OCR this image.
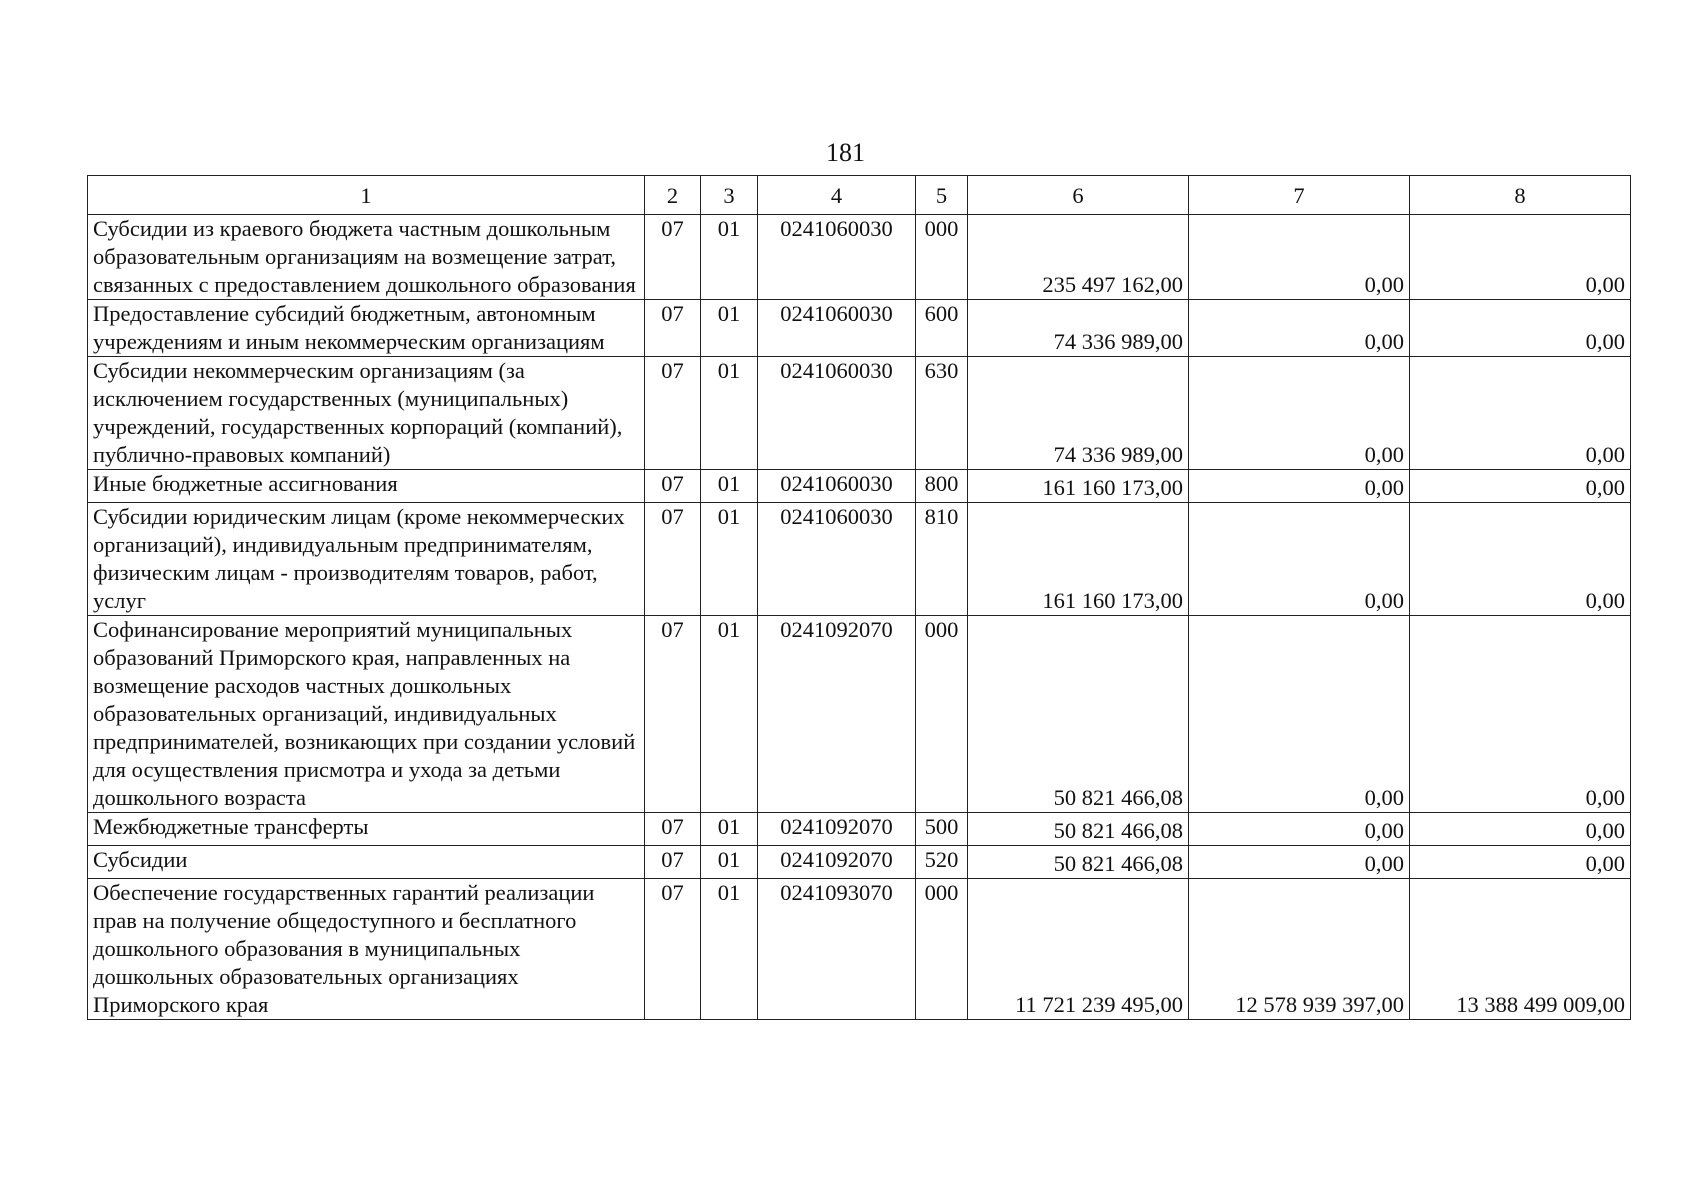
181
1	2	3	4	5	6	7	8
Субсидии из краевого бюджета частным дошкольным образовательным организациям на возмещение затрат, связанных с предоставлением дошкольного образования	07	01	0241060030	000	235 497 162,00	0,00	0,00
Предоставление субсидий бюджетным, автономным учреждениям и иным некоммерческим организациям	07	01	0241060030	600	74 336 989,00	0,00	0,00
Субсидии некоммерческим организациям (за исключением государственных (муниципальных) учреждений, государственных корпораций (компаний), публично-правовых компаний)	07	01	0241060030	630	74 336 989,00	0,00	0,00
Иные бюджетные ассигнования	07	01	0241060030	800	161 160 173,00	0,00	0,00
Субсидии юридическим лицам (кроме некоммерческих организаций), индивидуальным предпринимателям, физическим лицам - производителям товаров, работ, услуг	07	01	0241060030	810	161 160 173,00	0,00	0,00
Софинансирование мероприятий муниципальных образований Приморского края, направленных на возмещение расходов частных дошкольных образовательных организаций, индивидуальных предпринимателей, возникающих при создании условий для осуществления присмотра и ухода за детьми дошкольного возраста	07	01	0241092070	000	50 821 466,08	0,00	0,00
Межбюджетные трансферты	07	01	0241092070	500	50 821 466,08	0,00	0,00
Субсидии	07	01	0241092070	520	50 821 466,08	0,00	0,00
Обеспечение государственных гарантий реализации прав на получение общедоступного и бесплатного дошкольного образования в муниципальных дошкольных образовательных организациях Приморского края	07	01	0241093070	000	11 721 239 495,00	12 578 939 397,00	13 388 499 009,00
